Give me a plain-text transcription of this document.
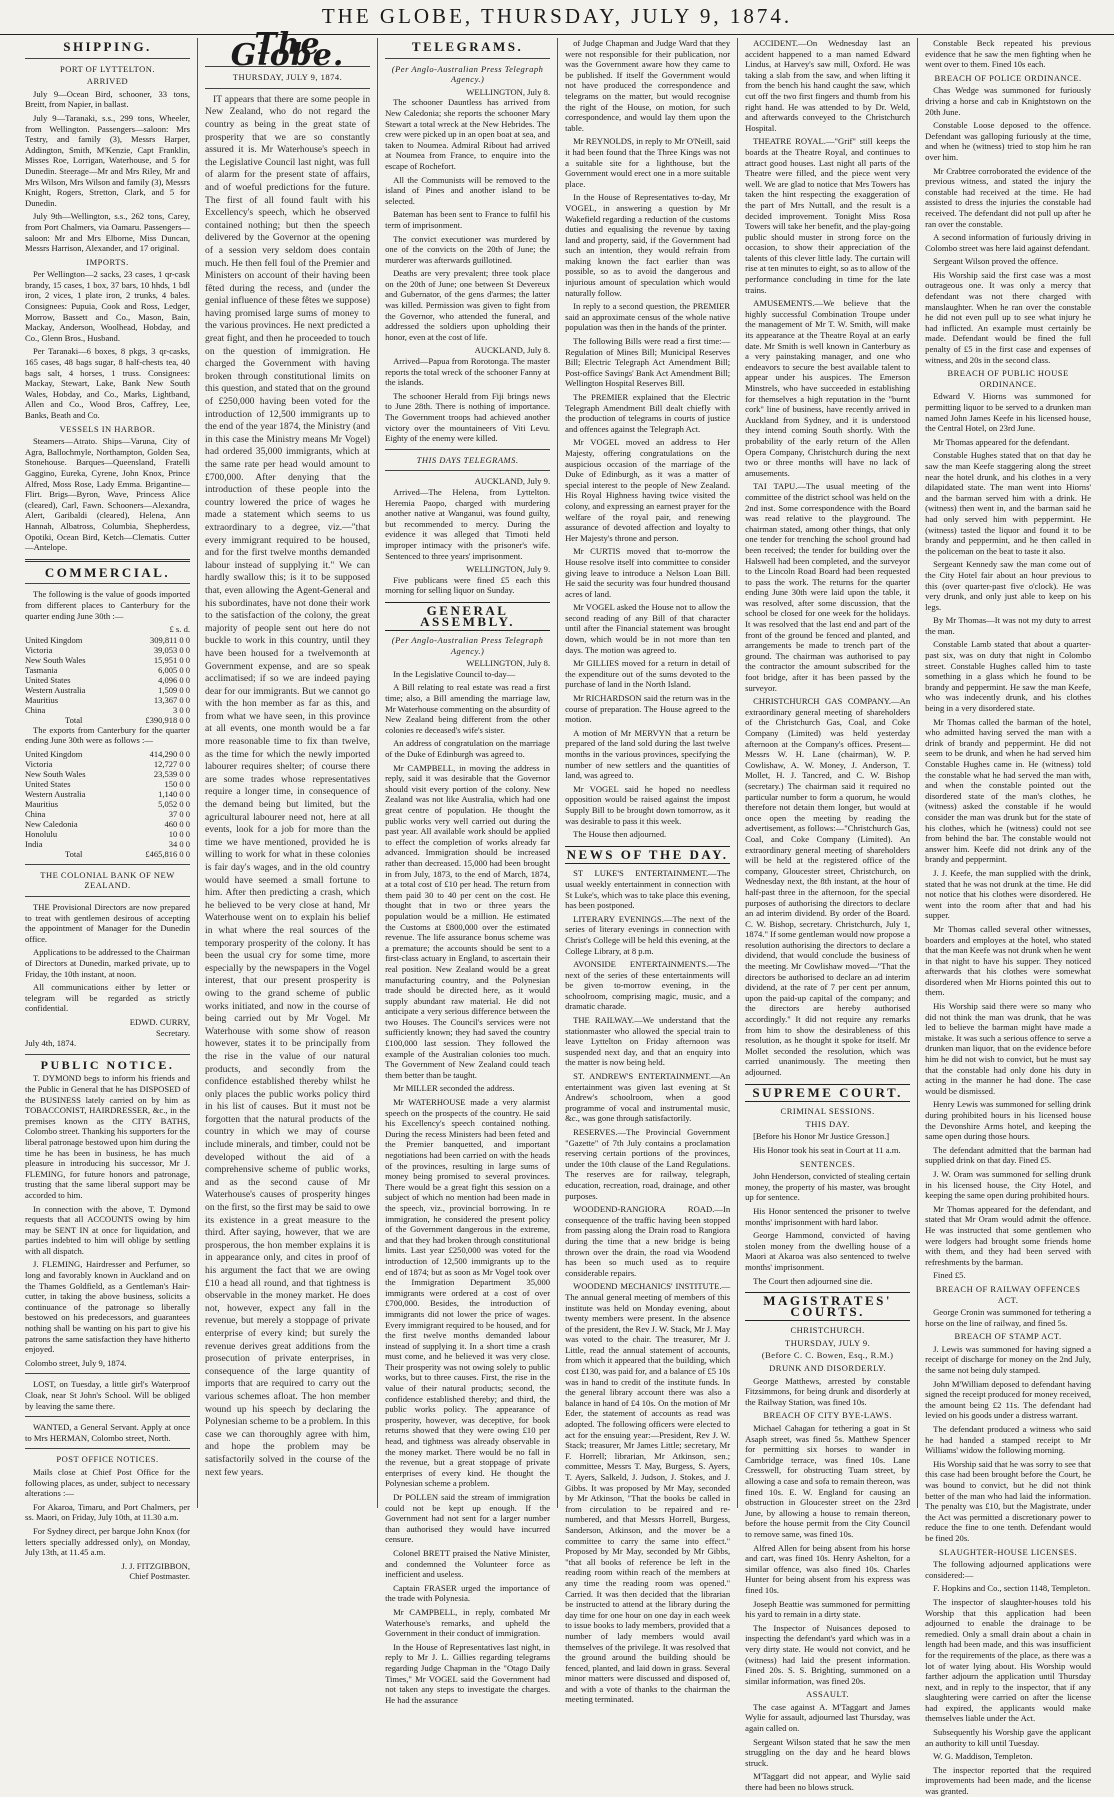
THE GLOBE, THURSDAY, JULY 9, 1874.
SHIPPING.
PORT OF LYTTELTON.
ARRIVED

July 9—Ocean Bird, schooner, 33 tons, Breitt, from Napier, in ballast.

July 9—Taranaki, s.s., 299 tons, Wheeler, from Wellington. Passengers—saloon: Mrs Testry, and family (3), Messrs Harper, Addington, Smith, M'Kenzie, Capt Franklin, Misses Roe, Lorrigan, Waterhouse, and 5 for Dunedin. Steerage—Mr and Mrs Riley, Mr and Mrs Wilson, Mrs Wilson and family (3), Messrs Knight, Rogers, Stretton, Clark, and 5 for Dunedin.

July 9th—Wellington, s.s., 262 tons, Carey, from Port Chalmers, via Oamaru. Passengers—saloon: Mr and Mrs Elborne, Miss Duncan, Messrs Harrison, Alexander, and 17 original.

IMPORTS.

Per Wellington—2 sacks, 23 cases, 1 qr-cask brandy, 15 cases, 1 box, 37 bars, 10 hhds, 1 bdl iron, 2 vices, 1 plate iron, 2 trunks, 4 bales. Consignees: Pupuia, Cook and Ross, Ledger, Morrow, Bassett and Co., Mason, Bain, Mackay, Anderson, Woolhead, Hobday, and Co., Glenn Bros., Husband.

Per Taranaki—6 boxes, 8 pkgs, 3 qr-casks, 165 cases, 48 bags sugar, 8 half-chests tea, 40 bags salt, 4 horses, 1 truss. Consignees: Mackay, Stewart, Lake, Bank New South Wales, Hobday, and Co., Marks, Lightband, Allen and Co., Wood Bros, Caffrey, Lee, Banks, Beath and Co.

VESSELS IN HARBOR.

Steamers—Atrato. Ships—Varuna, City of Agra, Ballochmyle, Northampton, Golden Sea, Stonehouse. Barques—Queensland, Fratelli Gaggino, Eureka, Cyrene, John Knox, Prince Alfred, Moss Rose, Lady Emma. Brigantine—Flirt. Brigs—Byron, Wave, Princess Alice (cleared), Carl, Fawn. Schooners—Alexandra, Alert, Garibaldi (cleared), Helena, Ann Hannah, Albatross, Columbia, Shepherdess, Opotiki, Ocean Bird, Ketch—Clematis. Cutter—Antelope.

COMMERCIAL.

The following is the value of goods imported from different places to Canterbury for the quarter ending June 30th :—

£ s. d.
United Kingdom	309,811 0 0
Victoria	39,053 0 0
New South Wales	15,951 0 0
Tasmania	6,005 0 0
United States	4,096 0 0
Western Australia	1,509 0 0
Mauritius	13,367 0 0
China	3 0 0
Total	£390,918 0 0

The exports from Canterbury for the quarter ending June 30th were as follows :—

United Kingdom	414,290 0 0
Victoria	12,727 0 0
New South Wales	23,539 0 0
United States	150 0 0
Western Australia	1,140 0 0
Mauritius	5,052 0 0
China	37 0 0
New Caledonia	460 0 0
Honolulu	10 0 0
India	34 0 0
Total	£465,816 0 0
THE COLONIAL BANK OF NEW ZEALAND.

THE Provisional Directors are now prepared to treat with gentlemen desirous of accepting the appointment of Manager for the Dunedin office.

Applications to be addressed to the Chairman of Directors at Dunedin, marked private, up to Friday, the 10th instant, at noon.

All communications either by letter or telegram will be regarded as strictly confidential.

EDWD. CURRY,
Secretary.
July 4th, 1874.
PUBLIC NOTICE.

T. DYMOND begs to inform his friends and the Public in General that he has DISPOSED of the BUSINESS lately carried on by him as TOBACCONIST, HAIRDRESSER, &c., in the premises known as the CITY BATHS, Colombo street. Thanking his supporters for the liberal patronage bestowed upon him during the time he has been in business, he has much pleasure in introducing his successor, Mr J. FLEMING, for future honors and patronage, trusting that the same liberal support may be accorded to him.

In connection with the above, T. Dymond requests that all ACCOUNTS owing by him may be SENT IN at once for liquidation, and parties indebted to him will oblige by settling with all dispatch.

J. FLEMING, Hairdresser and Perfumer, so long and favorably known in Auckland and on the Thames Goldfield, as a Gentleman's Hair-cutter, in taking the above business, solicits a continuance of the patronage so liberally bestowed on his predecessors, and guarantees nothing shall be wanting on his part to give his patrons the same satisfaction they have hitherto enjoyed.

Colombo street, July 9, 1874.

LOST, on Tuesday, a little girl's Waterproof Cloak, near St John's School. Will be obliged by leaving the same there.

WANTED, a General Servant. Apply at once to Mrs HERMAN, Colombo street, North.

POST OFFICE NOTICES.

Mails close at Chief Post Office for the following places, as under, subject to necessary alterations :—

For Akaroa, Timaru, and Port Chalmers, per ss. Maori, on Friday, July 10th, at 11.30 a.m.

For Sydney direct, per barque John Knox (for letters specially addressed only), on Monday, July 13th, at 11.45 a.m.

J. J. FITZGIBBON,
Chief Postmaster.
The Globe.
THURSDAY, JULY 9, 1874.

IT appears that there are some people in New Zealand, who do not regard the country as being in the great state of prosperity that we are so constantly assured it is. Mr Waterhouse's speech in the Legislative Council last night, was full of alarm for the present state of affairs, and of woeful predictions for the future. The first of all found fault with his Excellency's speech, which he observed contained nothing; but then the speech delivered by the Governor at the opening of a session very seldom does contain much. He then fell foul of the Premier and Ministers on account of their having been fêted during the recess, and (under the genial influence of these fêtes we suppose) having promised large sums of money to the various provinces. He next predicted a great fight, and then he proceeded to touch on the question of immigration. He charged the Government with having broken through constitutional limits on this question, and stated that on the ground of £250,000 having been voted for the introduction of 12,500 immigrants up to the end of the year 1874, the Ministry (and in this case the Ministry means Mr Vogel) had ordered 35,000 immigrants, which at the same rate per head would amount to £700,000. After denying that the introduction of these people into the country lowered the price of wages he made a statement which seems to us extraordinary to a degree, viz.—"that every immigrant required to be housed, and for the first twelve months demanded labour instead of supplying it." We can hardly swallow this; is it to be supposed that, even allowing the Agent-General and his subordinates, have not done their work to the satisfaction of the colony, the great majority of people sent out here do not buckle to work in this country, until they have been housed for a twelvemonth at Government expense, and are so speak acclimatised; if so we are indeed paying dear for our immigrants. But we cannot go with the hon member as far as this, and from what we have seen, in this province at all events, one month would be a far more reasonable time to fix than twelve, as the time for which the newly imported labourer requires shelter; of course there are some trades whose representatives require a longer time, in consequence of the demand being but limited, but the agricultural labourer need not, here at all events, look for a job for more than the time we have mentioned, provided he is willing to work for what in these colonies is fair day's wages, and in the old country would have seemed a small fortune to him. After then predicting a crash, which he believed to be very close at hand, Mr Waterhouse went on to explain his belief in what where the real sources of the temporary prosperity of the colony. It has been the usual cry for some time, more especially by the newspapers in the Vogel interest, that our present prosperity is owing to the grand scheme of public works initiated, and now in the course of being carried out by Mr Vogel. Mr Waterhouse with some show of reason however, states it to be principally from the rise in the value of our natural products, and secondly from the confidence established thereby whilst he only places the public works policy third in his list of causes. But it must not be forgotten that the natural products of the country in which we may of course include minerals, and timber, could not be developed without the aid of a comprehensive scheme of public works, and as the second cause of Mr Waterhouse's causes of prosperity hinges on the first, so the first may be said to owe its existence in a great measure to the third. After saying, however, that we are prosperous, the hon member explains it is in appearance only, and cites in proof of his argument the fact that we are owing £10 a head all round, and that tightness is observable in the money market. He does not, however, expect any fall in the revenue, but merely a stoppage of private enterprise of every kind; but surely the revenue derives great additions from the prosecution of private enterprises, in consequence of the large quantity of imports that are required to carry out the various schemes afloat. The hon member wound up his speech by declaring the Polynesian scheme to be a problem. In this case we can thoroughly agree with him, and hope the problem may be satisfactorily solved in the course of the next few years.

TELEGRAMS.
(Per Anglo-Australian Press Telegraph Agency.)
WELLINGTON, July 8.

The schooner Dauntless has arrived from New Caledonia; she reports the schooner Mary Stewart a total wreck at the New Hebrides. The crew were picked up in an open boat at sea, and taken to Noumea. Admiral Ribout had arrived at Noumea from France, to enquire into the escape of Rochefort.

All the Communists will be removed to the island of Pines and another island to be selected.

Bateman has been sent to France to fulfil his term of imprisonment.

The convict executioner was murdered by one of the convicts on the 20th of June; the murderer was afterwards guillotined.

Deaths are very prevalent; three took place on the 20th of June; one between St Devereux and Gubernator, of the gens d'armes; the latter was killed. Permission was given to fight from the Governor, who attended the funeral, and addressed the soldiers upon upholding their honor, even at the cost of life.

AUCKLAND, July 8.

Arrived—Papua from Rorotonga. The master reports the total wreck of the schooner Fanny at the islands.

The schooner Herald from Fiji brings news to June 28th. There is nothing of importance. The Government troops had achieved another victory over the mountaineers of Viti Levu. Eighty of the enemy were killed.

THIS DAYS TELEGRAMS.
AUCKLAND, July 9.

Arrived—The Helena, from Lyttelton. Heremia Paopo, charged with murdering another native at Wanganui, was found guilty, but recommended to mercy. During the evidence it was alleged that Timoti held improper intimacy with the prisoner's wife. Sentenced to three years' imprisonment.

WELLINGTON, July 9.

Five publicans were fined £5 each this morning for selling liquor on Sunday.

GENERAL ASSEMBLY.
(Per Anglo-Australian Press Telegraph Agency.)
WELLINGTON, July 8.

In the Legislative Council to-day—

A Bill relating to real estate was read a first time; also, a Bill amending the marriage law, Mr Waterhouse commenting on the absurdity of New Zealand being different from the other colonies re deceased's wife's sister.

An address of congratulation on the marriage of the Duke of Edinburgh was agreed to.

Mr CAMPBELL, in moving the address in reply, said it was desirable that the Governor should visit every portion of the colony. New Zealand was not like Australia, which had one great centre of population. He thought the public works very well carried out during the past year. All available work should be applied to effect the completion of works already far advanced. Immigration should be increased rather than decreased. 15,000 had been brought in from July, 1873, to the end of March, 1874, at a total cost of £10 per head. The return from them paid 30 to 40 per cent on the cost. He thought that in two or three years the population would be a million. He estimated the Customs at £800,000 over the estimated revenue. The life assurance bonus scheme was a premature; the accounts should be sent to a first-class actuary in England, to ascertain their real position. New Zealand would be a great manufacturing country, and the Polynesian trade should be directed here, as it would supply abundant raw material. He did not anticipate a very serious difference between the two Houses. The Council's services were not sufficiently known; they had saved the country £100,000 last session. They followed the example of the Australian colonies too much. The Government of New Zealand could teach them better than be taught.

Mr MILLER seconded the address.

Mr WATERHOUSE made a very alarmist speech on the prospects of the country. He said his Excellency's speech contained nothing. During the recess Ministers had been feted and the Premier banquetted, and important negotiations had been carried on with the heads of the provinces, resulting in large sums of money being promised to several provinces. There would be a great fight this session on a subject of which no mention had been made in the speech, viz., provincial borrowing. In re immigration, he considered the present policy of the Government dangerous in the extreme, and that they had broken through constitutional limits. Last year £250,000 was voted for the introduction of 12,500 immigrants up to the end of 1874; but as soon as Mr Vogel took over the Immigration Department 35,000 immigrants were ordered at a cost of over £700,000. Besides, the introduction of immigrants did not lower the price of wages. Every immigrant required to be housed, and for the first twelve months demanded labour instead of supplying it. In a short time a crash must come, and he believed it was very close. Their prosperity was not owing solely to public works, but to three causes. First, the rise in the value of their natural products; second, the confidence established thereby; and third, the public works policy. The appearance of prosperity, however, was deceptive, for book returns showed that they were owing £10 per head, and tightness was already observable in the money market. There would be no fall in the revenue, but a great stoppage of private enterprises of every kind. He thought the Polynesian scheme a problem.

Dr POLLEN said the stream of immigration could not be kept up enough. If the Government had not sent for a larger number than authorised they would have incurred censure.

Colonel BRETT praised the Native Minister, and condemned the Volunteer force as inefficient and useless.

Captain FRASER urged the importance of the trade with Polynesia.

Mr CAMPBELL, in reply, combated Mr Waterhouse's remarks, and upheld the Government in their conduct of immigration.

In the House of Representatives last night, in reply to Mr J. L. Gillies regarding telegrams regarding Judge Chapman in the "Otago Daily Times," Mr VOGEL said the Government had not taken any steps to investigate the charges. He had the assurance

of Judge Chapman and Judge Ward that they were not responsible for their publication, nor was the Government aware how they came to be published. If itself the Government would not have produced the correspondence and telegrams on the matter, but would recognise the right of the House, on motion, for such correspondence, and would lay them upon the table.

Mr REYNOLDS, in reply to Mr O'Neill, said it had been found that the Three Kings was not a suitable site for a lighthouse, but the Government would erect one in a more suitable place.

In the House of Representatives to-day, Mr VOGEL, in answering a question by Mr Wakefield regarding a reduction of the customs duties and equalising the revenue by taxing land and property, said, if the Government had such an intention, they would refrain from making known the fact earlier than was possible, so as to avoid the dangerous and injurious amount of speculation which would naturally follow.

In reply to a second question, the PREMIER said an approximate census of the whole native population was then in the hands of the printer.

The following Bills were read a first time:—Regulation of Mines Bill; Municipal Reserves Bill; Electric Telegraph Act Amendment Bill; Post-office Savings' Bank Act Amendment Bill; Wellington Hospital Reserves Bill.

The PREMIER explained that the Electric Telegraph Amendment Bill dealt chiefly with the production of telegrams in courts of justice and offences against the Telegraph Act.

Mr VOGEL moved an address to Her Majesty, offering congratulations on the auspicious occasion of the marriage of the Duke of Edinburgh, as it was a matter of special interest to the people of New Zealand. His Royal Highness having twice visited the colony, and expressing an earnest prayer for the welfare of the royal pair, and renewing assurance of devoted affection and loyalty to Her Majesty's throne and person.

Mr CURTIS moved that to-morrow the House resolve itself into committee to consider giving leave to introduce a Nelson Loan Bill. He said the security was four hundred thousand acres of land.

Mr VOGEL asked the House not to allow the second reading of any Bill of that character until after the Financial statement was brought down, which would be in not more than ten days. The motion was agreed to.

Mr GILLIES moved for a return in detail of the expenditure out of the sums devoted to the purchase of land in the North Island.

Mr RICHARDSON said the return was in the course of preparation. The House agreed to the motion.

A motion of Mr MERVYN that a return be prepared of the land sold during the last twelve months in the various provinces, specifying the number of new settlers and the quantities of land, was agreed to.

Mr VOGEL said he hoped no needless opposition would be raised against the impost Supply Bill to be brought down tomorrow, as it was desirable to pass it this week.

The House then adjourned.

NEWS OF THE DAY.

ST LUKE'S ENTERTAINMENT.—The usual weekly entertainment in connection with St Luke's, which was to take place this evening, has been postponed.

LITERARY EVENINGS.—The next of the series of literary evenings in connection with Christ's College will be held this evening, at the College Library, at 8 p.m.

AVONSIDE ENTERTAINMENTS.—The next of the series of these entertainments will be given to-morrow evening, in the schoolroom, comprising magic, music, and a dramatic charade.

THE RAILWAY.—We understand that the stationmaster who allowed the special train to leave Lyttelton on Friday afternoon was suspended next day, and that an enquiry into the matter is now being held.

ST. ANDREW'S ENTERTAINMENT.—An entertainment was given last evening at St Andrew's schoolroom, when a good programme of vocal and instrumental music, &c., was gone through satisfactorily.

RESERVES.—The Provincial Government "Gazette" of 7th July contains a proclamation reserving certain portions of the provinces, under the 10th clause of the Land Regulations. The reserves are for railway, telegraph, education, recreation, road, drainage, and other purposes.

WOODEND-RANGIORA ROAD.—In consequence of the traffic having been stopped from passing along the Drain road to Rangiora during the time that a new bridge is being thrown over the drain, the road via Woodend has been so much used as to require considerable repairs.

WOODEND MECHANICS' INSTITUTE.—The annual general meeting of members of this institute was held on Monday evening, about twenty members were present. In the absence of the president, the Rev J. W. Stack, Mr J. May was voted to the chair. The treasurer, Mr J. Little, read the annual statement of accounts, from which it appeared that the building, which cost £130, was paid for, and a balance of £5 10s was in hand to credit of the institute funds. In the general library account there was also a balance in hand of £4 10s. On the motion of Mr Eder, the statement of accounts as read was adopted. The following officers were elected to act for the ensuing year:—President, Rev J. W. Stack; treasurer, Mr James Little; secretary, Mr F. Horrell; librarian, Mr Atkinson, sen.; committee, Messrs T. May, Burgess, S. Ayers, T. Ayers, Salkeld, J. Judson, J. Stokes, and J. Gibbs. It was proposed by Mr May, seconded by Mr Atkinson, "That the books be called in from circulation to be repaired and re-numbered, and that Messrs Horrell, Burgess, Sanderson, Atkinson, and the mover be a committee to carry the same into effect." Proposed by Mr May, seconded by Mr Gibbs, "that all books of reference be left in the reading room within reach of the members at any time the reading room was opened." Carried. It was then decided that the librarian be instructed to attend at the library during the day time for one hour on one day in each week to issue books to lady members, provided that a number of lady members would avail themselves of the privilege. It was resolved that the ground around the building should be fenced, planted, and laid down in grass. Several minor matters were discussed and disposed of, and with a vote of thanks to the chairman the meeting terminated.

ACCIDENT.—On Wednesday last an accident happened to a man named Edward Lindus, at Harvey's saw mill, Oxford. He was taking a slab from the saw, and when lifting it from the bench his hand caught the saw, which cut off the two first fingers and thumb from his right hand. He was attended to by Dr. Weld, and afterwards conveyed to the Christchurch Hospital.

THEATRE ROYAL.—"Grif" still keeps the boards at the Theatre Royal, and continues to attract good houses. Last night all parts of the Theatre were filled, and the piece went very well. We are glad to notice that Mrs Towers has taken the hint respecting the exaggeration of the part of Mrs Nuttall, and the result is a decided improvement. Tonight Miss Rosa Towers will take her benefit, and the play-going public should muster in strong force on the occasion, to show their appreciation of the talents of this clever little lady. The curtain will rise at ten minutes to eight, so as to allow of the performance concluding in time for the late trains.

AMUSEMENTS.—We believe that the highly successful Combination Troupe under the management of Mr T. W. Smith, will make its appearance at the Theatre Royal at an early date. Mr Smith is well known in Canterbury as a very painstaking manager, and one who endeavors to secure the best available talent to appear under his auspices. The Emerson Minstrels, who have succeeded in establishing for themselves a high reputation in the "burnt cork" line of business, have recently arrived in Auckland from Sydney, and it is understood they intend coming South shortly. With the probability of the early return of the Allen Opera Company, Christchurch during the next two or three months will have no lack of amusements.

TAI TAPU.—The usual meeting of the committee of the district school was held on the 2nd inst. Some correspondence with the Board was read relative to the playground. The chairman stated, among other things, that only one tender for trenching the school ground had been received; the tender for building over the Halswell had been completed, and the surveyor to the Lincoln Road Board had been requested to pass the work. The returns for the quarter ending June 30th were laid upon the table, it was resolved, after some discussion, that the school be closed for one week for the holidays. It was resolved that the last end and part of the front of the ground be fenced and planted, and arrangements be made to trench part of the ground. The chairman was authorised to pay the contractor the amount subscribed for the foot bridge, after it has been passed by the surveyor.

CHRISTCHURCH GAS COMPANY.—An extraordinary general meeting of shareholders of the Christchurch Gas, Coal, and Coke Company (Limited) was held yesterday afternoon at the Company's offices. Present—Messrs W. H. Lane (chairman), W. P. Cowlishaw, A. W. Money, J. Anderson, T. Mollet, H. J. Tancred, and C. W. Bishop (secretary.) The chairman said it required no particular number to form a quorum, he would therefore not detain them longer, but would at once open the meeting by reading the advertisement, as follows:—"Christchurch Gas, Coal, and Coke Company (Limited). An extraordinary general meeting of shareholders will be held at the registered office of the company, Gloucester street, Christchurch, on Wednesday next, the 8th instant, at the hour of half-past three in the afternoon, for the special purposes of authorising the directors to declare an ad interim dividend. By order of the Board. C. W. Bishop, secretary. Christchurch, July 1, 1874." If some gentleman would now propose a resolution authorising the directors to declare a dividend, that would conclude the business of the meeting. Mr Cowlishaw moved—"That the directors be authorised to declare an ad interim dividend, at the rate of 7 per cent per annum, upon the paid-up capital of the company; and the directors are hereby authorised accordingly." It did not require any remarks from him to show the desirableness of this resolution, as he thought it spoke for itself. Mr Mollet seconded the resolution, which was carried unanimously. The meeting then adjourned.

SUPREME COURT.
CRIMINAL SESSIONS.
THIS DAY.

[Before his Honor Mr Justice Gresson.]

His Honor took his seat in Court at 11 a.m.

SENTENCES.

John Henderson, convicted of stealing certain money, the property of his master, was brought up for sentence.

His Honor sentenced the prisoner to twelve months' imprisonment with hard labor.

George Hammond, convicted of having stolen money from the dwelling house of a Maori at Akaroa was also sentenced to twelve months' imprisonment.

The Court then adjourned sine die.

MAGISTRATES' COURTS.
CHRISTCHURCH.
THURSDAY, JULY 9.
(Before C. C. Bowen, Esq., R.M.)
DRUNK AND DISORDERLY.

George Matthews, arrested by constable Fitzsimmons, for being drunk and disorderly at the Railway Station, was fined 10s.

BREACH OF CITY BYE-LAWS.

Michael Cahagan for tethering a goat in St Asaph street, was fined 5s. Matthew Spencer for permitting six horses to wander in Cambridge terrace, was fined 10s. Lane Cresswell, for obstructing Tuam street, by allowing a case and sofa to remain thereon, was fined 10s. E. W. England for causing an obstruction in Gloucester street on the 23rd June, by allowing a house to remain thereon, before the house permit from the City Council to remove same, was fined 10s.

Alfred Allen for being absent from his horse and cart, was fined 10s. Henry Ashelton, for a similar offence, was also fined 10s. Charles Hunter for being absent from his express was fined 10s.

Joseph Beattie was summoned for permitting his yard to remain in a dirty state.

The Inspector of Nuisances deposed to inspecting the defendant's yard which was in a very dirty state. He would not convict, and he (witness) had laid the present information. Fined 20s. S. S. Brighting, summoned on a similar information, was fined 20s.

ASSAULT.

The case against A. M'Taggart and James Wylie for assault, adjourned last Thursday, was again called on.

Sergeant Wilson stated that he saw the men struggling on the day and he heard blows struck.

M'Taggart did not appear, and Wylie said there had been no blows struck.

Constable Beck repeated his previous evidence that he saw the men fighting when he went over to them. Fined 10s each.

BREACH OF POLICE ORDINANCE.

Chas Wedge was summoned for furiously driving a horse and cab in Knightstown on the 20th June.

Constable Loose deposed to the offence. Defendant was galloping furiously at the time, and when he (witness) tried to stop him he ran over him.

Mr Crabtree corroborated the evidence of the previous witness, and stated the injury the constable had received at the time. He had assisted to dress the injuries the constable had received. The defendant did not pull up after he ran over the constable.

A second information of furiously driving in Colombo street was here laid against defendant.

Sergeant Wilson proved the offence.

His Worship said the first case was a most outrageous one. It was only a mercy that defendant was not there charged with manslaughter. When he ran over the constable he did not even pull up to see what injury he had inflicted. An example must certainly be made. Defendant would be fined the full penalty of £5 in the first case and expenses of witness, and 20s in the second class.

BREACH OF PUBLIC HOUSE ORDINANCE.

Edward V. Hiorns was summoned for permitting liquor to be served to a drunken man named John James Keefe in his licensed house, the Central Hotel, on 23rd June.

Mr Thomas appeared for the defendant.

Constable Hughes stated that on that day he saw the man Keefe staggering along the street near the hotel drunk, and his clothes in a very dilapidated state. The man went into Hiorns' and the barman served him with a drink. He (witness) then went in, and the barman said he had only served him with peppermint. He (witness) tasted the liquor and found it to be brandy and peppermint, and he then called in the policeman on the beat to taste it also.

Sergeant Kennedy saw the man come out of the City Hotel fair about an hour previous to this (over quarter-past five o'clock). He was very drunk, and only just able to keep on his legs.

By Mr Thomas—It was not my duty to arrest the man.

Constable Lamb stated that about a quarter-past six, was on duty that night in Colombo street. Constable Hughes called him to taste something in a glass which he found to be brandy and peppermint. He saw the man Keefe, who was indecently drunk, and his clothes being in a very disordered state.

Mr Thomas called the barman of the hotel, who admitted having served the man with a drink of brandy and peppermint. He did not seem to be drunk, and when he had served him Constable Hughes came in. He (witness) told the constable what he had served the man with, and when the constable pointed out the disordered state of the man's clothes, he (witness) asked the constable if he would consider the man was drunk but for the state of his clothes, which he (witness) could not see from behind the bar. The constable would not answer him. Keefe did not drink any of the brandy and peppermint.

J. J. Keefe, the man supplied with the drink, stated that he was not drunk at the time. He did not notice that his clothes were disordered. He went into the room after that and had his supper.

Mr Thomas called several other witnesses, boarders and employes at the hotel, who stated that the man Keefe was not drunk when he went in that night to have his supper. They noticed afterwards that his clothes were somewhat disordered when Mr Hiorns pointed this out to them.

His Worship said there were so many who did not think the man was drunk, that he was led to believe the barman might have made a mistake. It was such a serious offence to serve a drunken man liquor, that on the evidence before him he did not wish to convict, but he must say that the constable had only done his duty in acting in the manner he had done. The case would be dismissed.

Henry Lewis was summoned for selling drink during prohibited hours in his licensed house the Devonshire Arms hotel, and keeping the same open during those hours.

The defendant admitted that the barman had supplied drink on that day. Fined £5.

J. W. Oram was summoned for selling drunk in his licensed house, the City Hotel, and keeping the same open during prohibited hours.

Mr Thomas appeared for the defendant, and stated that Mr Oram would admit the offence. He was instructed that some gentlemen who were lodgers had brought some friends home with them, and they had been served with refreshments by the barman.

Fined £5.

BREACH OF RAILWAY OFFENCES ACT.

George Cronin was summoned for tethering a horse on the line of railway, and fined 5s.

BREACH OF STAMP ACT.

J. Lewis was summoned for having signed a receipt of discharge for money on the 2nd July, the same not being duly stamped.

John M'William deposed to defendant having signed the receipt produced for money received, the amount being £2 11s. The defendant had levied on his goods under a distress warrant.

The defendant produced a witness who said he had handed a stamped receipt to Mr Williams' widow the following morning.

His Worship said that he was sorry to see that this case had been brought before the Court, he was bound to convict, but he did not think better of the man who had laid the information. The penalty was £10, but the Magistrate, under the Act was permitted a discretionary power to reduce the fine to one tenth. Defendant would be fined 20s.

SLAUGHTER-HOUSE LICENSES.

The following adjourned applications were considered:—

F. Hopkins and Co., section 1148, Templeton.

The inspector of slaughter-houses told his Worship that this application had been adjourned to enable the drainage to be remedied. Only a small drain about a chain in length had been made, and this was insufficient for the requirements of the place, as there was a lot of water lying about. His Worship would farther adjourn the application until Thursday next, and in reply to the inspector, that if any slaughtering were carried on after the license had expired, the applicants would make themselves liable under the Act.

Subsequently his Worship gave the applicant an authority to kill until Tuesday.

W. G. Maddison, Templeton.

The inspector reported that the required improvements had been made, and the license was granted.
